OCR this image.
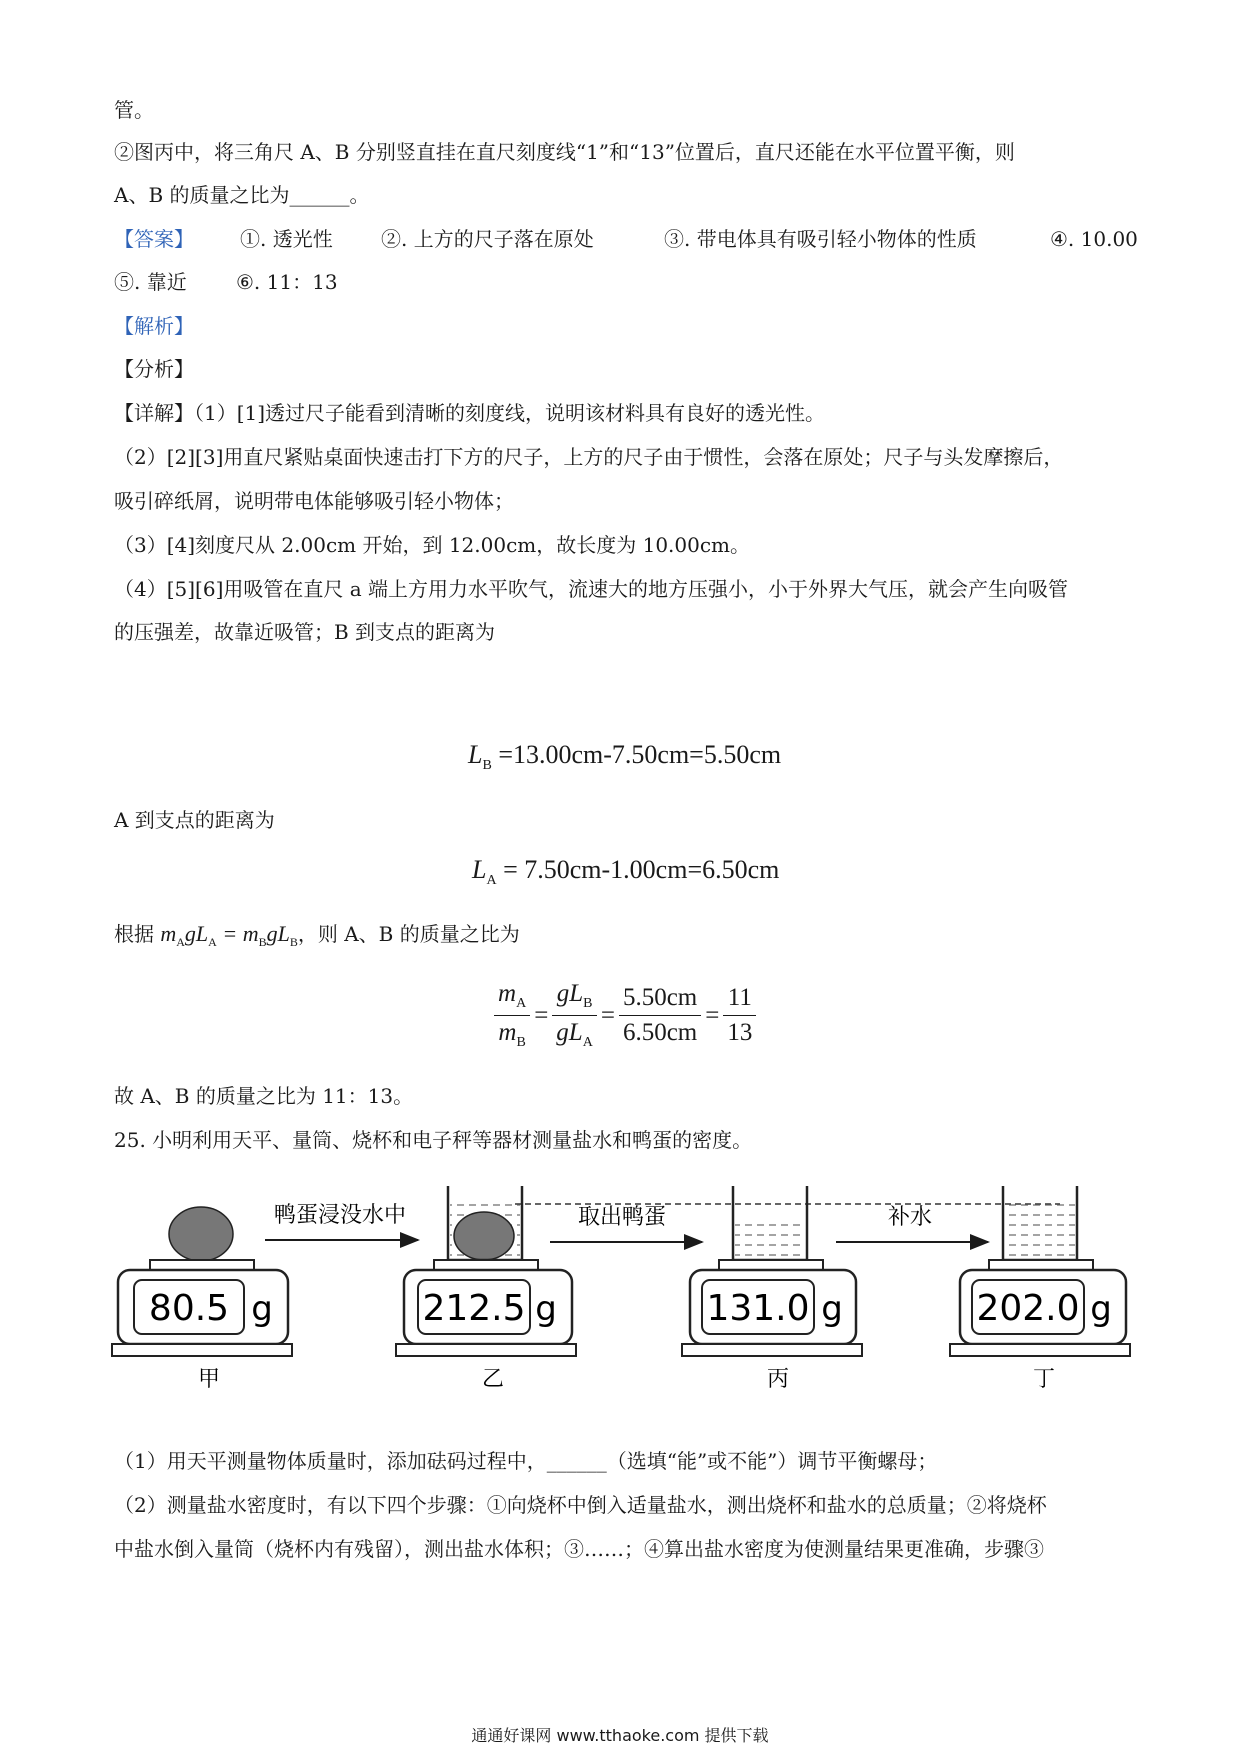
管。
②图丙中，将三角尺 A、B 分别竖直挂在直尺刻度线“1”和“13”位置后，直尺还能在水平位置平衡，则
A、B 的质量之比为______。
【答案】 ①. 透光性 ②. 上方的尺子落在原处	③. 带电体具有吸引轻小物体的性质	④. 10.00
⑤. 靠近 ⑥. 11：13
【解析】
【分析】
【详解】（1）[1]透过尺子能看到清晰的刻度线，说明该材料具有良好的透光性。
（2）[2][3]用直尺紧贴桌面快速击打下方的尺子，上方的尺子由于惯性，会落在原处；尺子与头发摩擦后，
吸引碎纸屑，说明带电体能够吸引轻小物体；
（3）[4]刻度尺从 2.00cm 开始，到 12.00cm，故长度为 10.00cm。
（4）[5][6]用吸管在直尺 a 端上方用力水平吹气，流速大的地方压强小，小于外界大气压，就会产生向吸管
的压强差，故靠近吸管；B 到支点的距离为
$L_B =13.00cm-7.50cm=5.50cm$
A 到支点的距离为
$L_A = 7.50cm-1.00cm=6.50cm$
根据 $m_AgL_A = m_BgL_B$，则 A、B 的质量之比为
$\frac{m_A}{m_B} = \frac{gL_B}{gL_A} = \frac{5.50cm}{6.50cm} = \frac{11}{13}$
故 A、B 的质量之比为 11：13。
25. 小明利用天平、量筒、烧杯和电子秤等器材测量盐水和鸭蛋的密度。
80.5 g
甲
鸭蛋浸没水中
212.5 g
乙
取出鸭蛋
131.0 g
丙
补水
202.0 g
丁
（1）用天平测量物体质量时，添加砝码过程中，______（选填“能”或不能”）调节平衡螺母；
（2）测量盐水密度时，有以下四个步骤：①向烧杯中倒入适量盐水，测出烧杯和盐水的总质量；②将烧杯
中盐水倒入量筒（烧杯内有残留），测出盐水体积；③……；④算出盐水密度为使测量结果更准确，步骤③
通通好课网 www.tthaoke.com 提供下载
